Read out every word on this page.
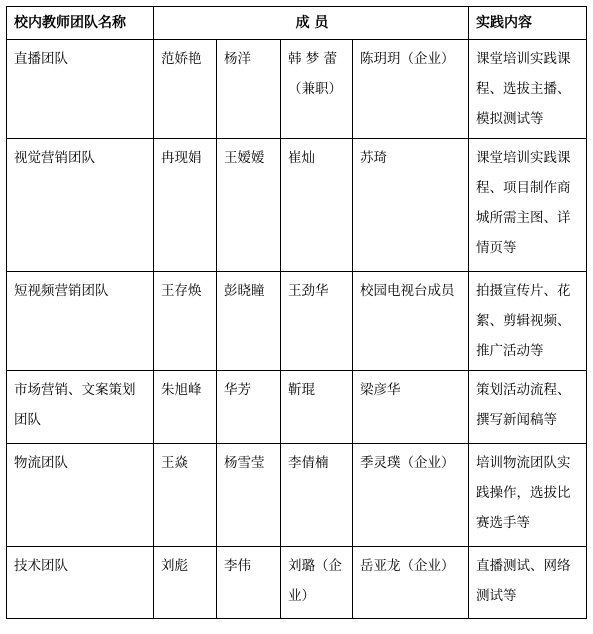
校内教师团队名称	成 员				实践内容
直播团队	范娇艳	杨洋	韩 梦 蕾（兼职）	陈玥玥（企业）	课堂培训实践课程、选拔主播、模拟测试等
视觉营销团队	冉现娟	王嫒嫒	崔灿	苏琦	课堂培训实践课程、项目制作商城所需主图、详情页等
短视频营销团队	王存焕	彭晓瞳	王劲华	校园电视台成员	拍摄宣传片、花絮、剪辑视频、推广活动等
市场营销、文案策划团队	朱旭峰	华芳	靳琨	梁彦华	策划活动流程、撰写新闻稿等
物流团队	王焱	杨雪莹	李倩楠	季灵璞（企业）	培训物流团队实践操作，选拔比赛选手等
技术团队	刘彪	李伟	刘璐（企业）	岳亚龙（企业）	直播测试、网络测试等
